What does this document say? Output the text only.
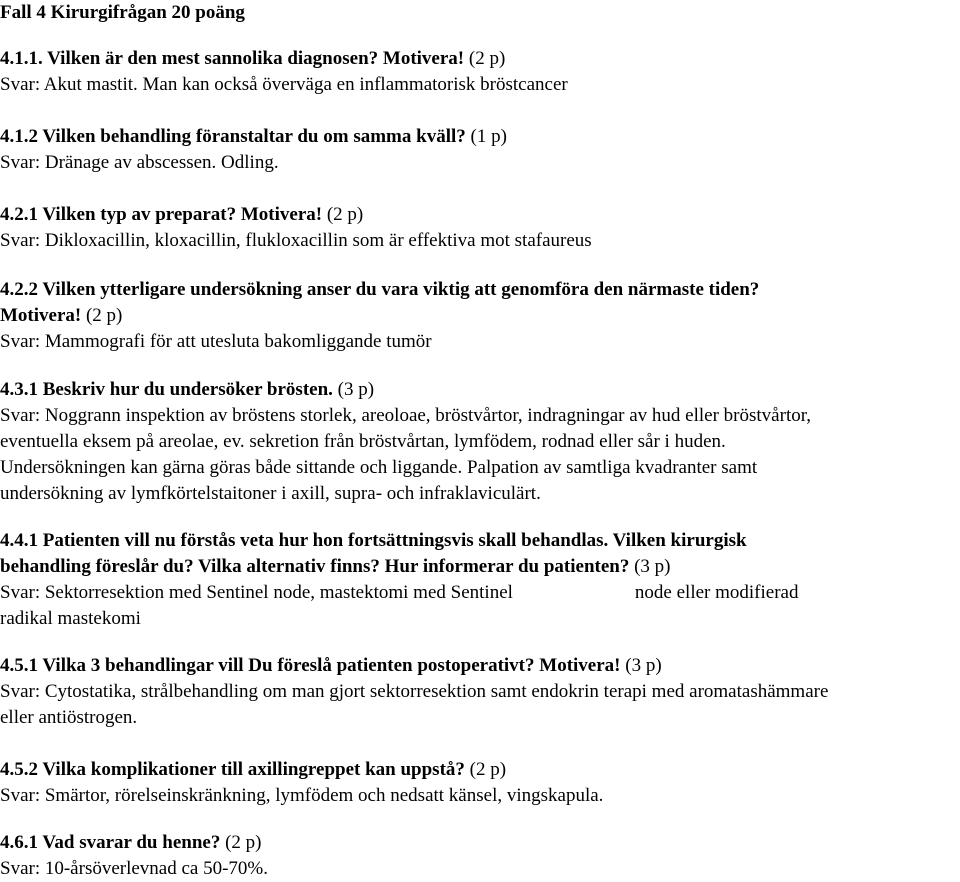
Fall 4 Kirurgifrågan 20 poäng
4.1.1. Vilken är den mest sannolika diagnosen? Motivera! (2 p)
Svar: Akut mastit. Man kan också överväga en inflammatorisk bröstcancer
4.1.2 Vilken behandling föranstaltar du om samma kväll? (1 p)
Svar: Dränage av abscessen. Odling.
4.2.1 Vilken typ av preparat? Motivera! (2 p)
Svar: Dikloxacillin, kloxacillin, flukloxacillin som är effektiva mot stafaureus
4.2.2 Vilken ytterligare undersökning anser du vara viktig att genomföra den närmaste tiden?
Motivera! (2 p)
Svar: Mammografi för att utesluta bakomliggande tumör
4.3.1 Beskriv hur du undersöker brösten. (3 p)
Svar: Noggrann inspektion av bröstens storlek, areoloae, bröstvårtor, indragningar av hud eller bröstvårtor,
eventuella eksem på areolae, ev. sekretion från bröstvårtan, lymfödem, rodnad eller sår i huden.
Undersökningen kan gärna göras både sittande och liggande. Palpation av samtliga kvadranter samt
undersökning av lymfkörtelstaitoner i axill, supra- och infraklaviculärt.
4.4.1 Patienten vill nu förstås veta hur hon fortsättningsvis skall behandlas. Vilken kirurgisk
behandling föreslår du? Vilka alternativ finns? Hur informerar du patienten? (3 p)
Svar: Sektorresektion med Sentinel node, mastektomi med Sentinel	node eller modifierad
radikal mastekomi
4.5.1 Vilka 3 behandlingar vill Du föreslå patienten postoperativt? Motivera! (3 p)
Svar: Cytostatika, strålbehandling om man gjort sektorresektion samt endokrin terapi med aromatashämmare
eller antiöstrogen.
4.5.2 Vilka komplikationer till axillingreppet kan uppstå? (2 p)
Svar: Smärtor, rörelseinskränkning, lymfödem och nedsatt känsel, vingskapula.
4.6.1 Vad svarar du henne? (2 p)
Svar: 10-årsöverlevnad ca 50-70%.
